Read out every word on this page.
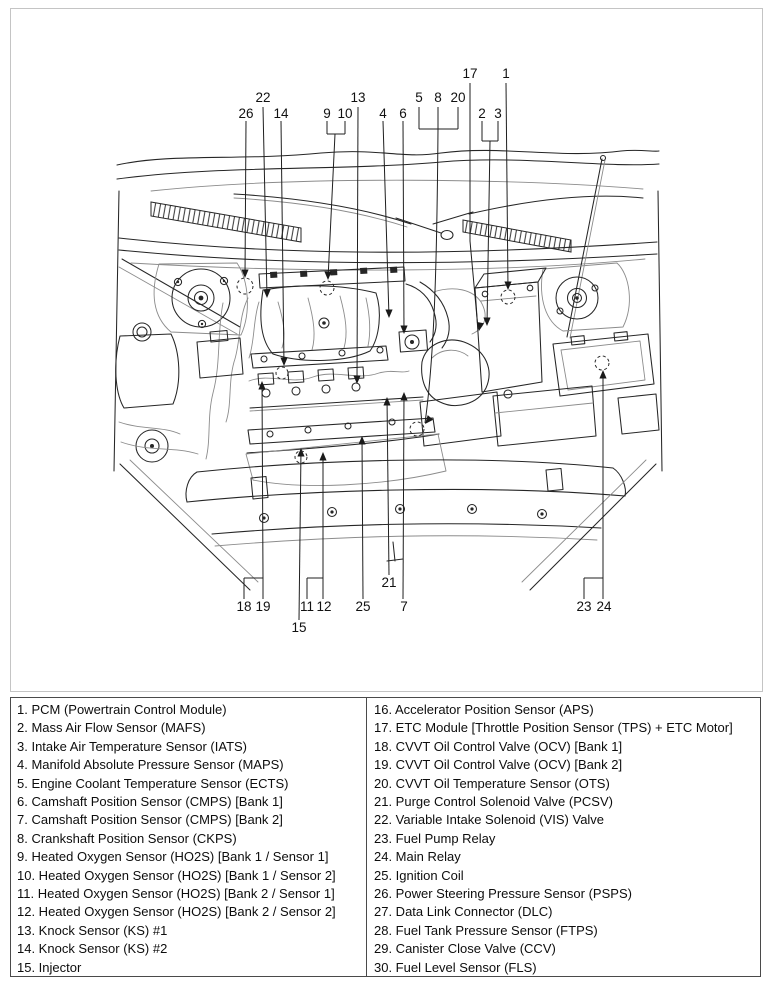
17 1
22	13	5 8 20
26 14	9 10 4 6	2 3
18 19 11 12 25
21
7	23 24
15
1. PCM (Powertrain Control Module)
2. Mass Air Flow Sensor (MAFS)
3. Intake Air Temperature Sensor (IATS)
4. Manifold Absolute Pressure Sensor (MAPS)
5. Engine Coolant Temperature Sensor (ECTS)
6. Camshaft Position Sensor (CMPS) [Bank 1]
7. Camshaft Position Sensor (CMPS) [Bank 2]
8. Crankshaft Position Sensor (CKPS)
9. Heated Oxygen Sensor (HO2S) [Bank 1 / Sensor 1]
10. Heated Oxygen Sensor (HO2S) [Bank 1 / Sensor 2]
11. Heated Oxygen Sensor (HO2S) [Bank 2 / Sensor 1]
12. Heated Oxygen Sensor (HO2S) [Bank 2 / Sensor 2]
13. Knock Sensor (KS) #1
14. Knock Sensor (KS) #2
15. Injector
16. Accelerator Position Sensor (APS)
17. ETC Module [Throttle Position Sensor (TPS) + ETC Motor]
18. CVVT Oil Control Valve (OCV) [Bank 1]
19. CVVT Oil Control Valve (OCV) [Bank 2]
20. CVVT Oil Temperature Sensor (OTS)
21. Purge Control Solenoid Valve (PCSV)
22. Variable Intake Solenoid (VIS) Valve
23. Fuel Pump Relay
24. Main Relay
25. Ignition Coil
26. Power Steering Pressure Sensor (PSPS)
27. Data Link Connector (DLC)
28. Fuel Tank Pressure Sensor (FTPS)
29. Canister Close Valve (CCV)
30. Fuel Level Sensor (FLS)
